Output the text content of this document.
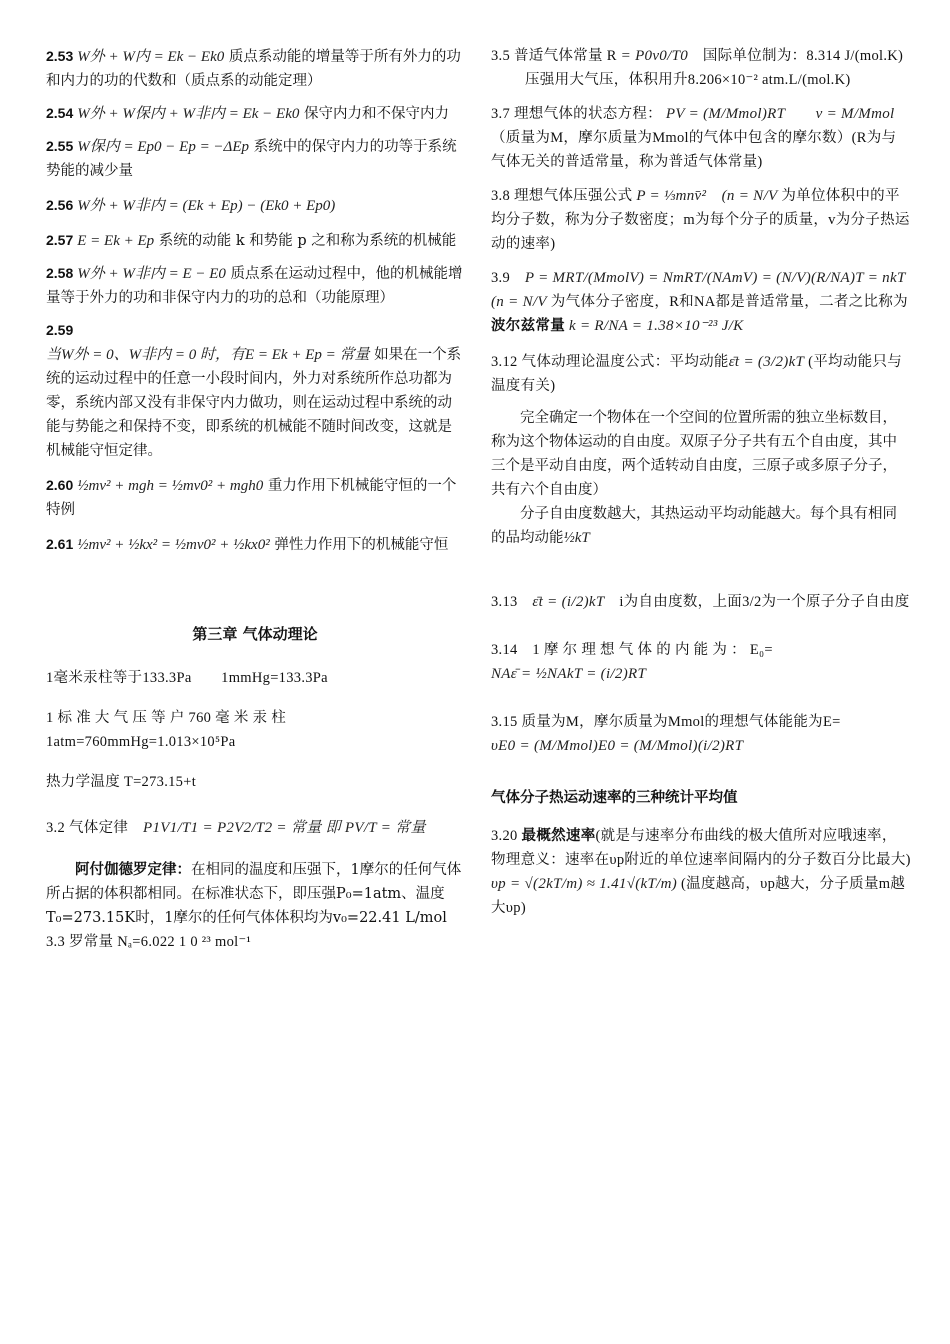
2.53 W外 + W内 = Ek − Ek0 质点系动能的增量等于所有外力的功和内力的功的代数和（质点系的动能定理）

2.54 W外 + W保内 + W非内 = Ek − Ek0 保守内力和不保守内力

2.55 W保内 = Ep0 − Ep = −ΔEp 系统中的保守内力的功等于系统势能的减少量

2.56 W外 + W非内 = (Ek + Ep) − (Ek0 + Ep0)

2.57 E = Ek + Ep 系统的动能 k 和势能 p 之和称为系统的机械能

2.58 W外 + W非内 = E − E0 质点系在运动过程中，他的机械能增量等于外力的功和非保守内力的功的总和（功能原理）

2.59
当W外 = 0、W非内 = 0 时，有E = Ek + Ep = 常量 如果在一个系统的运动过程中的任意一小段时间内，外力对系统所作总功都为零，系统内部又没有非保守内力做功，则在运动过程中系统的动能与势能之和保持不变，即系统的机械能不随时间改变，这就是机械能守恒定律。

2.60 ½mv² + mgh = ½mv0² + mgh0 重力作用下机械能守恒的一个特例

2.61 ½mv² + ½kx² = ½mv0² + ½kx0² 弹性力作用下的机械能守恒

第三章 气体动理论

1毫米汞柱等于133.3Pa　　1mmHg=133.3Pa

1 标 准 大 气 压 等 户 760 毫 米 汞 柱 1atm=760mmHg=1.013×10⁵Pa

热力学温度 T=273.15+t

3.2 气体定律　 P1V1/T1 = P2V2/T2 = 常量 即 PV/T = 常量

阿付伽德罗定律：在相同的温度和压强下，1摩尔的任何气体所占据的体积都相同。在标准状态下，即压强P₀=1atm、温度T₀=273.15K时，1摩尔的任何气体体积均为v₀=22.41 L/mol

3.3 罗常量 Nₐ=6.022 1 0 ²³ mol⁻¹

3.5 普适气体常量 R = P0v0/T0　 国际单位制为：8.314 J/(mol.K)

压强用大气压，体积用升8.206×10⁻² atm.L/(mol.K)

3.7 理想气体的状态方程： PV = (M/Mmol)RT　　v = M/Mmol （质量为M，摩尔质量为Mmol的气体中包含的摩尔数）(R为与气体无关的普适常量，称为普适气体常量)

3.8 理想气体压强公式 P = ⅓mnv̄²　(n = N/V 为单位体积中的平均分子数，称为分子数密度；m为每个分子的质量，v为分子热运动的速率)

3.9　 P = MRT/(MmolV) = NmRT/(NAmV) = (N/V)(R/NA)T = nkT　(n = N/V 为气体分子密度，R和NA都是普适常量，二者之比称为波尔兹常量 k = R/NA = 1.38×10⁻²³ J/K

3.12 气体动理论温度公式：平均动能ε̄t = (3/2)kT (平均动能只与温度有关)

完全确定一个物体在一个空间的位置所需的独立坐标数目，称为这个物体运动的自由度。双原子分子共有五个自由度，其中三个是平动自由度，两个适转动自由度，三原子或多原子分子，共有六个自由度）

分子自由度数越大，其热运动平均动能越大。每个具有相同的品均动能½kT

3.13　 ε̄t = (i/2)kT　 i为自由度数，上面3/2为一个原子分子自由度

3.14　 1 摩 尔 理 想 气 体 的 内 能 为 ： E₀=
NAε̄ = ½NAkT = (i/2)RT

3.15 质量为M，摩尔质量为Mmol的理想气体能能为E=
υE0 = (M/Mmol)E0 = (M/Mmol)(i/2)RT

气体分子热运动速率的三种统计平均值

3.20 最概然速率(就是与速率分布曲线的极大值所对应哦速率，物理意义：速率在υp附近的单位速率间隔内的分子数百分比最大)
υp = √(2kT/m) ≈ 1.41√(kT/m) (温度越高，υp越大，分子质量m越大υp)
